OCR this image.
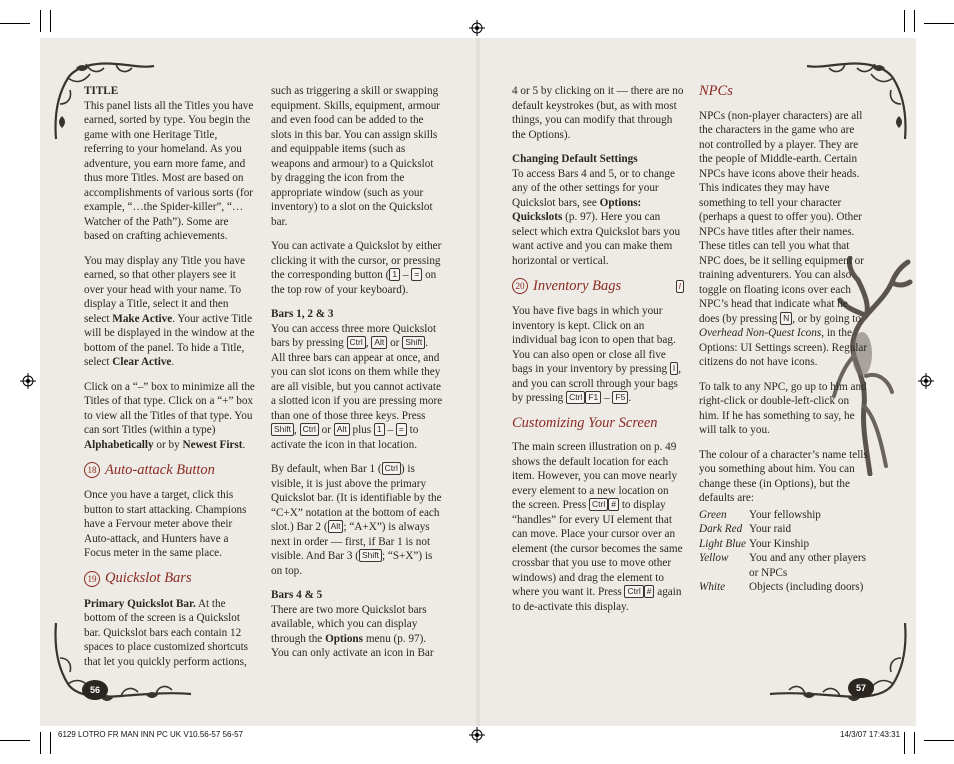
TITLE
This panel lists all the Titles you have earned, sorted by type. You begin the game with one Heritage Title, referring to your homeland. As you adventure, you earn more fame, and thus more Titles. Most are based on accomplishments of various sorts (for example, “…the Spider-killer”, “…Watcher of the Path”). Some are based on crafting achievements.

You may display any Title you have earned, so that other players see it over your head with your name. To display a Title, select it and then select Make Active. Your active Title will be displayed in the window at the bottom of the panel. To hide a Title, select Clear Active.

Click on a “–” box to minimize all the Titles of that type. Click on a “+” box to view all the Titles of that type. You can sort Titles (within a type) Alphabetically or by Newest First.

18 Auto-attack Button

Once you have a target, click this button to start attacking. Champions have a Fervour meter above their Auto-attack, and Hunters have a Focus meter in the same place.

19 Quickslot Bars

Primary Quickslot Bar. At the bottom of the screen is a Quickslot bar. Quickslot bars each contain 12 spaces to place customized shortcuts that let you quickly perform actions,

such as triggering a skill or swapping equipment. Skills, equipment, armour and even food can be added to the slots in this bar. You can assign skills and equippable items (such as weapons and armour) to a Quickslot by dragging the icon from the appropriate window (such as your inventory) to a slot on the Quickslot bar.

You can activate a Quickslot by either clicking it with the cursor, or pressing the corresponding button ( 1 – = on the top row of your keyboard).

Bars 1, 2 & 3
You can access three more Quickslot bars by pressing Ctrl , Alt or Shift . All three bars can appear at once, and you can slot icons on them while they are all visible, but you cannot activate a slotted icon if you are pressing more than one of those three keys. Press Shift , Ctrl or Alt plus 1 – = to activate the icon in that location.

By default, when Bar 1 ( Ctrl ) is visible, it is just above the primary Quickslot bar. (It is identifiable by the “C+X” notation at the bottom of each slot.) Bar 2 ( Alt ; “A+X”) is always next in order — first, if Bar 1 is not visible. And Bar 3 ( Shift ; “S+X”) is on top.

Bars 4 & 5
There are two more Quickslot bars available, which you can display through the Options menu (p. 97). You can only activate an icon in Bar

56

4 or 5 by clicking on it — there are no default keystrokes (but, as with most things, you can modify that through the Options).

Changing Default Settings
To access Bars 4 and 5, or to change any of the other settings for your Quickslot bars, see Options: Quickslots (p. 97). Here you can select which extra Quickslot bars you want active and you can make them horizontal or vertical.

20 Inventory Bags	I

You have five bags in which your inventory is kept. Click on an individual bag icon to open that bag. You can also open or close all five bags in your inventory by pressing I , and you can scroll through your bags by pressing Ctrl F1 – F5 .

Customizing Your Screen

The main screen illustration on p. 49 shows the default location for each item. However, you can move nearly every element to a new location on the screen. Press Ctrl # to display “handles” for every UI element that can move. Place your cursor over an element (the cursor becomes the same crossbar that you use to move other windows) and drag the element to where you want it. Press Ctrl # again to de-activate this display.

NPCs

NPCs (non-player characters) are all the characters in the game who are not controlled by a player. They are the people of Middle-earth. Certain NPCs have icons above their heads. This indicates they may have something to tell your character (perhaps a quest to offer you). Other NPCs have titles after their names. These titles can tell you what that NPC does, be it selling equipment or training adventurers. You can also toggle on floating icons over each NPC’s head that indicate what he does (by pressing N , or by going to Overhead Non-Quest Icons, in the Options: UI Settings screen). Regular citizens do not have icons.

To talk to any NPC, go up to him and right-click or double-left-click on him. If he has something to say, he will talk to you.

The colour of a character’s name tells you something about him. You can change these (in Options), but the defaults are:

Green	Your fellowship
Dark Red Your raid
Light Blue Your Kinship
Yellow	You and any other players or NPCs
White	Objects (including doors)
57
6129 LOTRO FR MAN INN PC UK V10.56-57 56-57	14/3/07 17:43:31
